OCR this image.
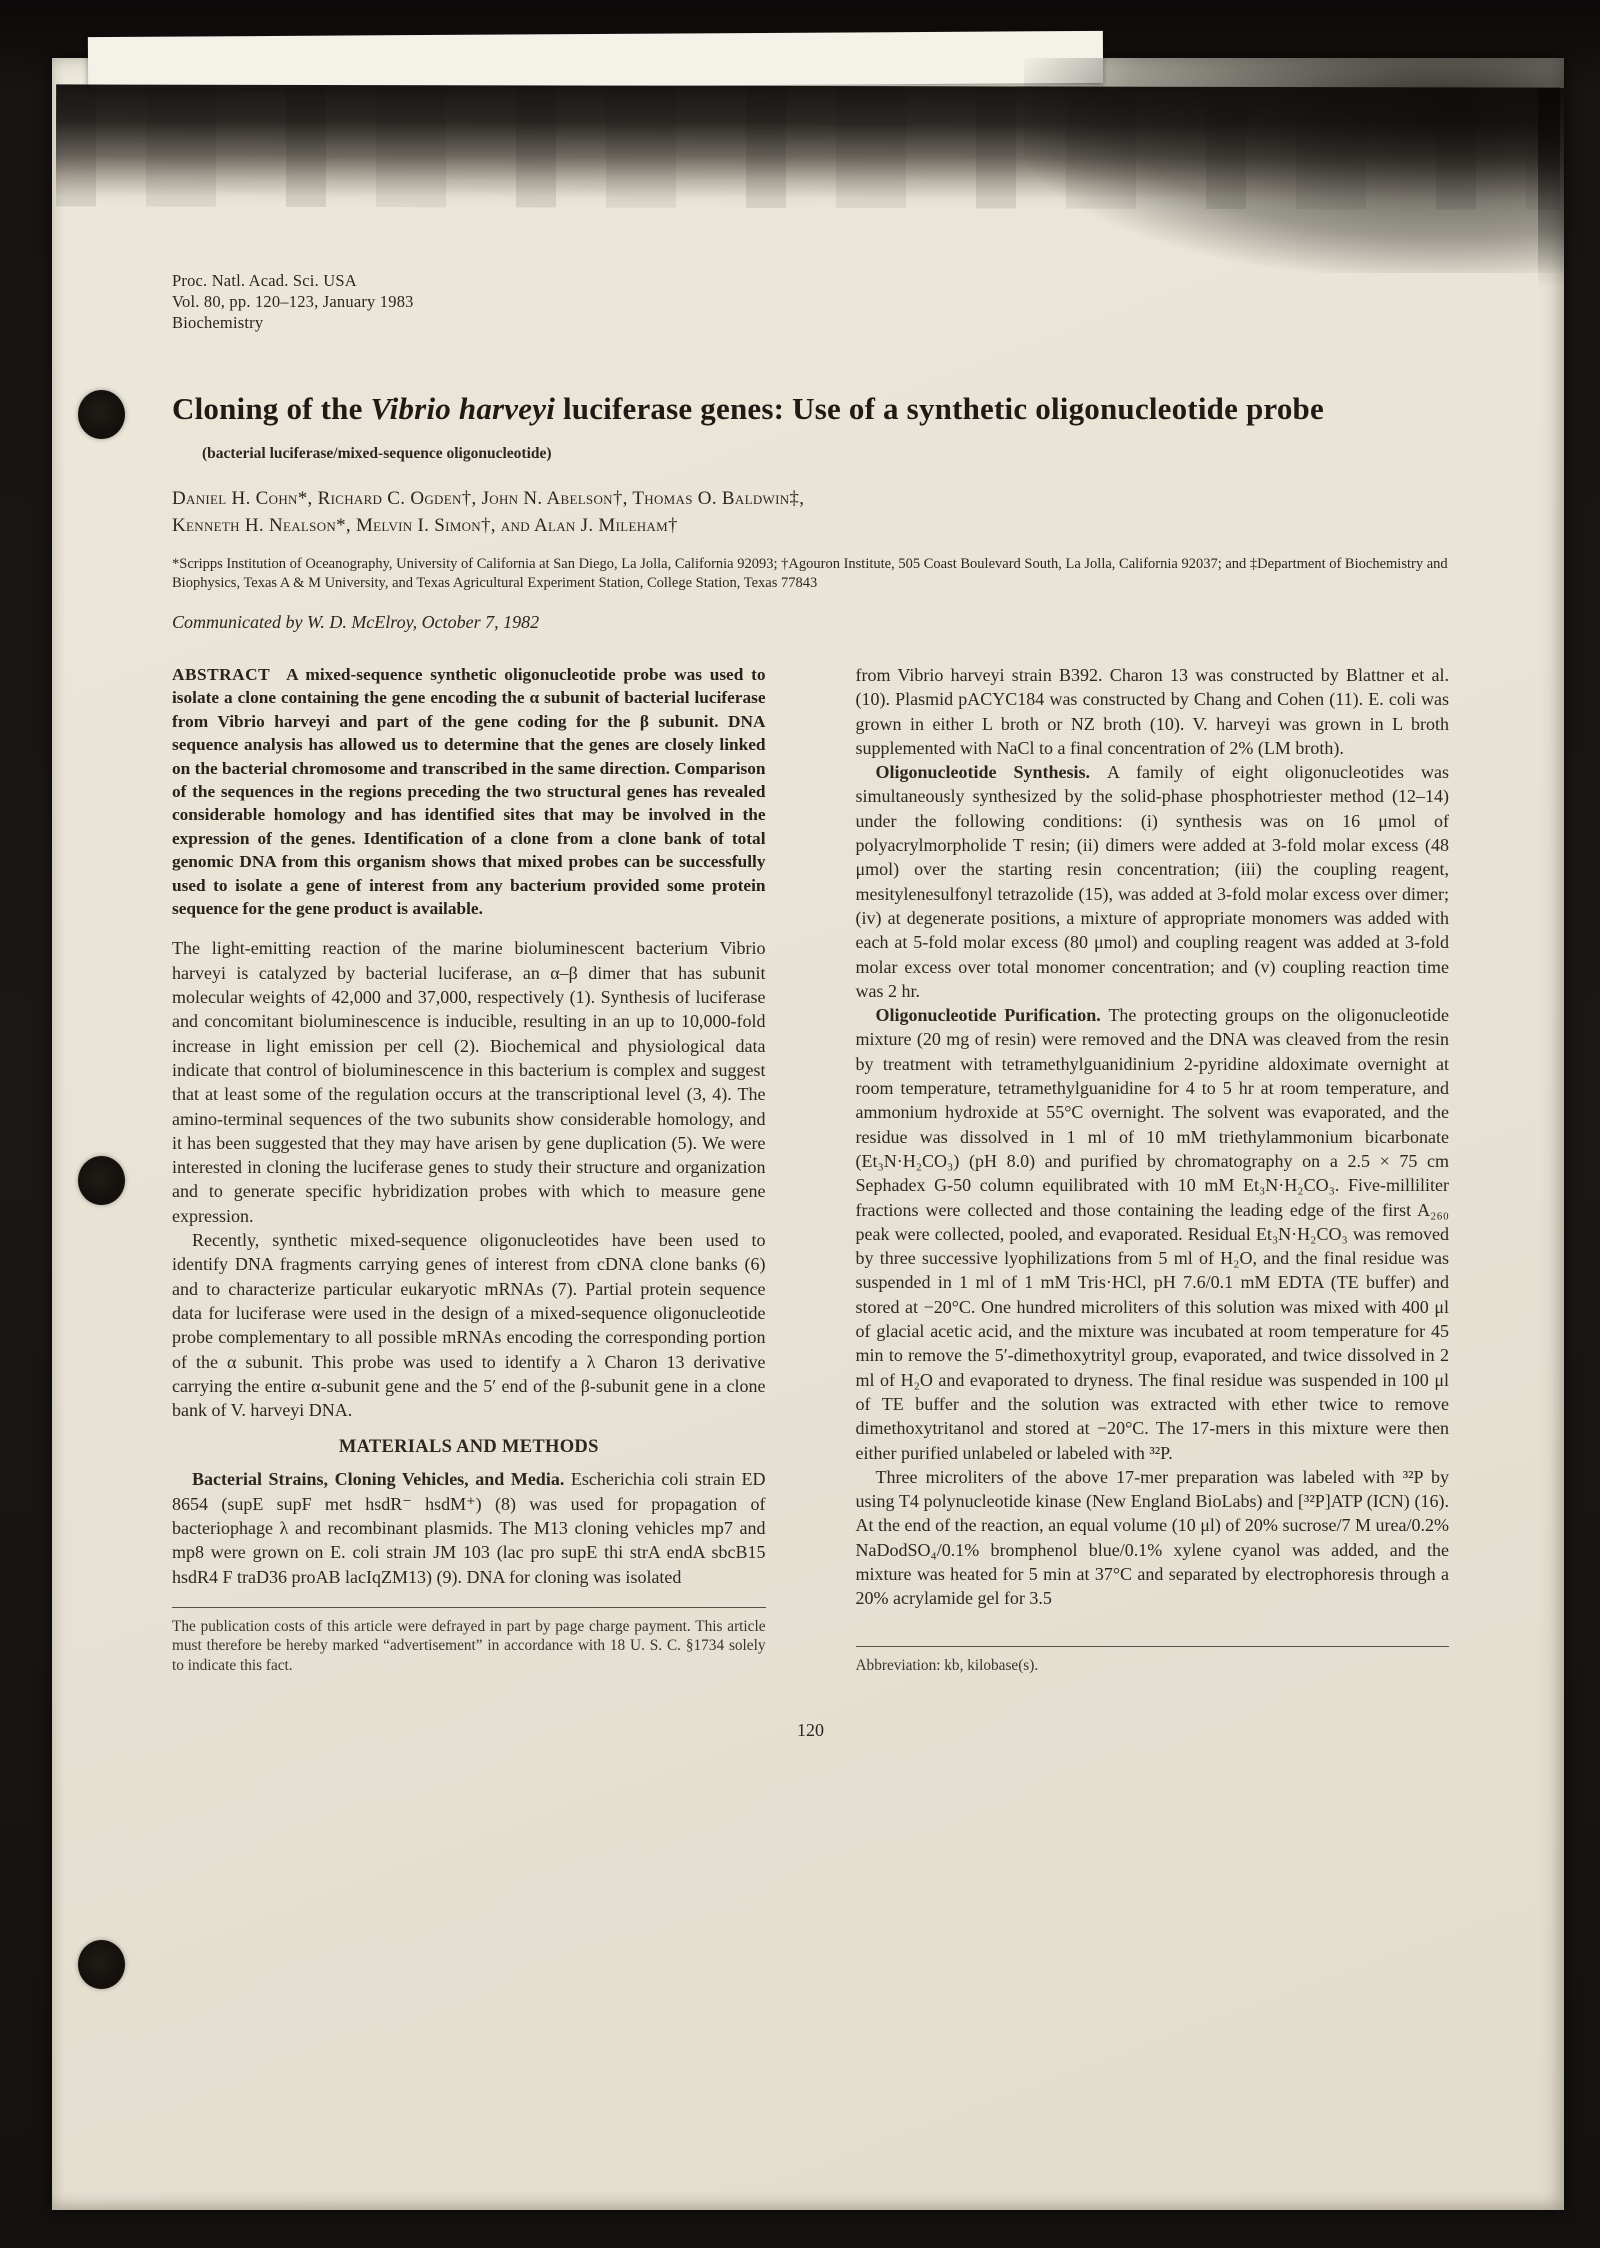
Proc. Natl. Acad. Sci. USA
Vol. 80, pp. 120–123, January 1983
Biochemistry
Cloning of the Vibrio harveyi luciferase genes: Use of a synthetic oligonucleotide probe
(bacterial luciferase/mixed-sequence oligonucleotide)
Daniel H. Cohn*, Richard C. Ogden†, John N. Abelson†, Thomas O. Baldwin‡,
Kenneth H. Nealson*, Melvin I. Simon†, and Alan J. Mileham†
*Scripps Institution of Oceanography, University of California at San Diego, La Jolla, California 92093; †Agouron Institute, 505 Coast Boulevard South, La Jolla, California 92037; and ‡Department of Biochemistry and Biophysics, Texas A & M University, and Texas Agricultural Experiment Station, College Station, Texas 77843
Communicated by W. D. McElroy, October 7, 1982

ABSTRACT A mixed-sequence synthetic oligonucleotide probe was used to isolate a clone containing the gene encoding the α subunit of bacterial luciferase from Vibrio harveyi and part of the gene coding for the β subunit. DNA sequence analysis has allowed us to determine that the genes are closely linked on the bacterial chromosome and transcribed in the same direction. Comparison of the sequences in the regions preceding the two structural genes has revealed considerable homology and has identified sites that may be involved in the expression of the genes. Identification of a clone from a clone bank of total genomic DNA from this organism shows that mixed probes can be successfully used to isolate a gene of interest from any bacterium provided some protein sequence for the gene product is available.

The light-emitting reaction of the marine bioluminescent bacterium Vibrio harveyi is catalyzed by bacterial luciferase, an α–β dimer that has subunit molecular weights of 42,000 and 37,000, respectively (1). Synthesis of luciferase and concomitant bioluminescence is inducible, resulting in an up to 10,000-fold increase in light emission per cell (2). Biochemical and physiological data indicate that control of bioluminescence in this bacterium is complex and suggest that at least some of the regulation occurs at the transcriptional level (3, 4). The amino-terminal sequences of the two subunits show considerable homology, and it has been suggested that they may have arisen by gene duplication (5). We were interested in cloning the luciferase genes to study their structure and organization and to generate specific hybridization probes with which to measure gene expression.

Recently, synthetic mixed-sequence oligonucleotides have been used to identify DNA fragments carrying genes of interest from cDNA clone banks (6) and to characterize particular eukaryotic mRNAs (7). Partial protein sequence data for luciferase were used in the design of a mixed-sequence oligonucleotide probe complementary to all possible mRNAs encoding the corresponding portion of the α subunit. This probe was used to identify a λ Charon 13 derivative carrying the entire α-subunit gene and the 5′ end of the β-subunit gene in a clone bank of V. harveyi DNA.

MATERIALS AND METHODS

Bacterial Strains, Cloning Vehicles, and Media. Escherichia coli strain ED 8654 (supE supF met hsdR⁻ hsdM⁺) (8) was used for propagation of bacteriophage λ and recombinant plasmids. The M13 cloning vehicles mp7 and mp8 were grown on E. coli strain JM 103 (lac pro supE thi strA endA sbcB15 hsdR4 F traD36 proAB lacIqZM13) (9). DNA for cloning was isolated

The publication costs of this article were defrayed in part by page charge payment. This article must therefore be hereby marked “advertisement” in accordance with 18 U. S. C. §1734 solely to indicate this fact.

from Vibrio harveyi strain B392. Charon 13 was constructed by Blattner et al. (10). Plasmid pACYC184 was constructed by Chang and Cohen (11). E. coli was grown in either L broth or NZ broth (10). V. harveyi was grown in L broth supplemented with NaCl to a final concentration of 2% (LM broth).

Oligonucleotide Synthesis. A family of eight oligonucleotides was simultaneously synthesized by the solid-phase phosphotriester method (12–14) under the following conditions: (i) synthesis was on 16 μmol of polyacrylmorpholide T resin; (ii) dimers were added at 3-fold molar excess (48 μmol) over the starting resin concentration; (iii) the coupling reagent, mesitylenesulfonyl tetrazolide (15), was added at 3-fold molar excess over dimer; (iv) at degenerate positions, a mixture of appropriate monomers was added with each at 5-fold molar excess (80 μmol) and coupling reagent was added at 3-fold molar excess over total monomer concentration; and (v) coupling reaction time was 2 hr.

Oligonucleotide Purification. The protecting groups on the oligonucleotide mixture (20 mg of resin) were removed and the DNA was cleaved from the resin by treatment with tetramethylguanidinium 2-pyridine aldoximate overnight at room temperature, tetramethylguanidine for 4 to 5 hr at room temperature, and ammonium hydroxide at 55°C overnight. The solvent was evaporated, and the residue was dissolved in 1 ml of 10 mM triethylammonium bicarbonate (Et₃N·H₂CO₃) (pH 8.0) and purified by chromatography on a 2.5 × 75 cm Sephadex G-50 column equilibrated with 10 mM Et₃N·H₂CO₃. Five-milliliter fractions were collected and those containing the leading edge of the first A₂₆₀ peak were collected, pooled, and evaporated. Residual Et₃N·H₂CO₃ was removed by three successive lyophilizations from 5 ml of H₂O, and the final residue was suspended in 1 ml of 1 mM Tris·HCl, pH 7.6/0.1 mM EDTA (TE buffer) and stored at −20°C. One hundred microliters of this solution was mixed with 400 μl of glacial acetic acid, and the mixture was incubated at room temperature for 45 min to remove the 5′-dimethoxytrityl group, evaporated, and twice dissolved in 2 ml of H₂O and evaporated to dryness. The final residue was suspended in 100 μl of TE buffer and the solution was extracted with ether twice to remove dimethoxytritanol and stored at −20°C. The 17-mers in this mixture were then either purified unlabeled or labeled with ³²P.

Three microliters of the above 17-mer preparation was labeled with ³²P by using T4 polynucleotide kinase (New England BioLabs) and [³²P]ATP (ICN) (16). At the end of the reaction, an equal volume (10 μl) of 20% sucrose/7 M urea/0.2% NaDodSO₄/0.1% bromphenol blue/0.1% xylene cyanol was added, and the mixture was heated for 5 min at 37°C and separated by electrophoresis through a 20% acrylamide gel for 3.5

Abbreviation: kb, kilobase(s).
120
